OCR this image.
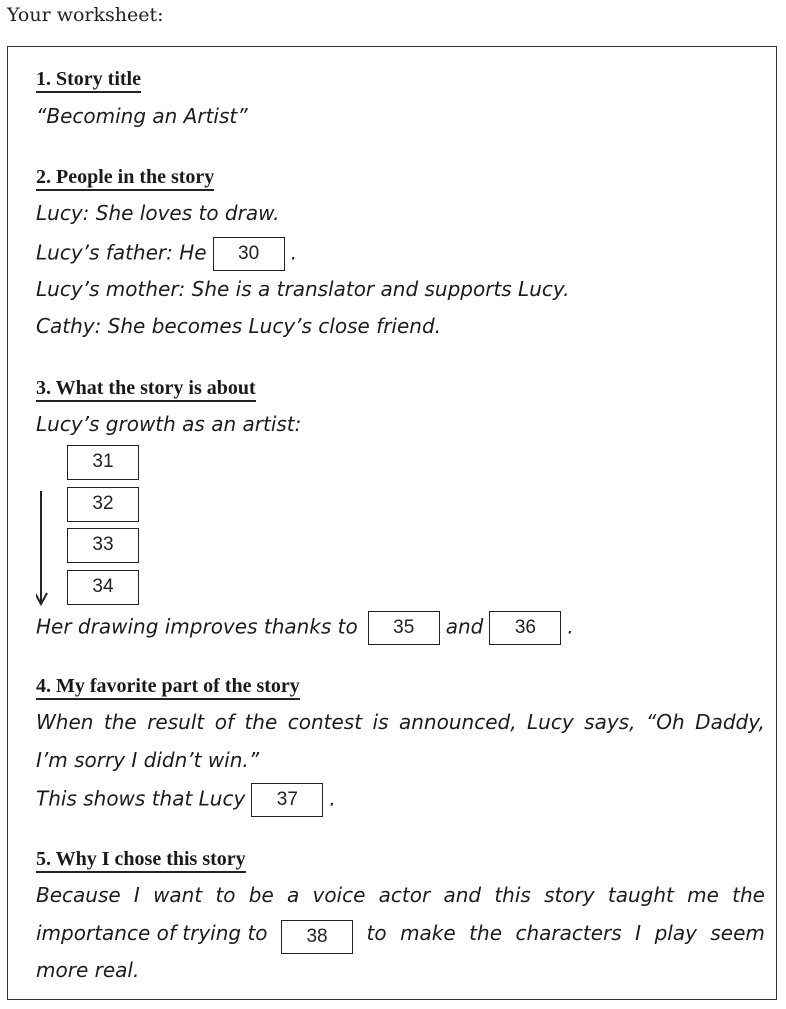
Your worksheet:
1. Story title
“Becoming an Artist”
2. People in the story
Lucy: She loves to draw.
Lucy’s father: He 30 .
Lucy’s mother: She is a translator and supports Lucy.
Cathy: She becomes Lucy’s close friend.
3. What the story is about
Lucy’s growth as an artist:
31
32
33
34
Her drawing improves thanks to 35 and 36 .
4. My favorite part of the story
When the result of the contest is announced, Lucy says, “Oh Daddy,
I’m sorry I didn’t win.”
This shows that Lucy 37 .
5. Why I chose this story
Because I want to be a voice actor and this story taught me the
importance of trying to	38	to make the characters I play seem
more real.
